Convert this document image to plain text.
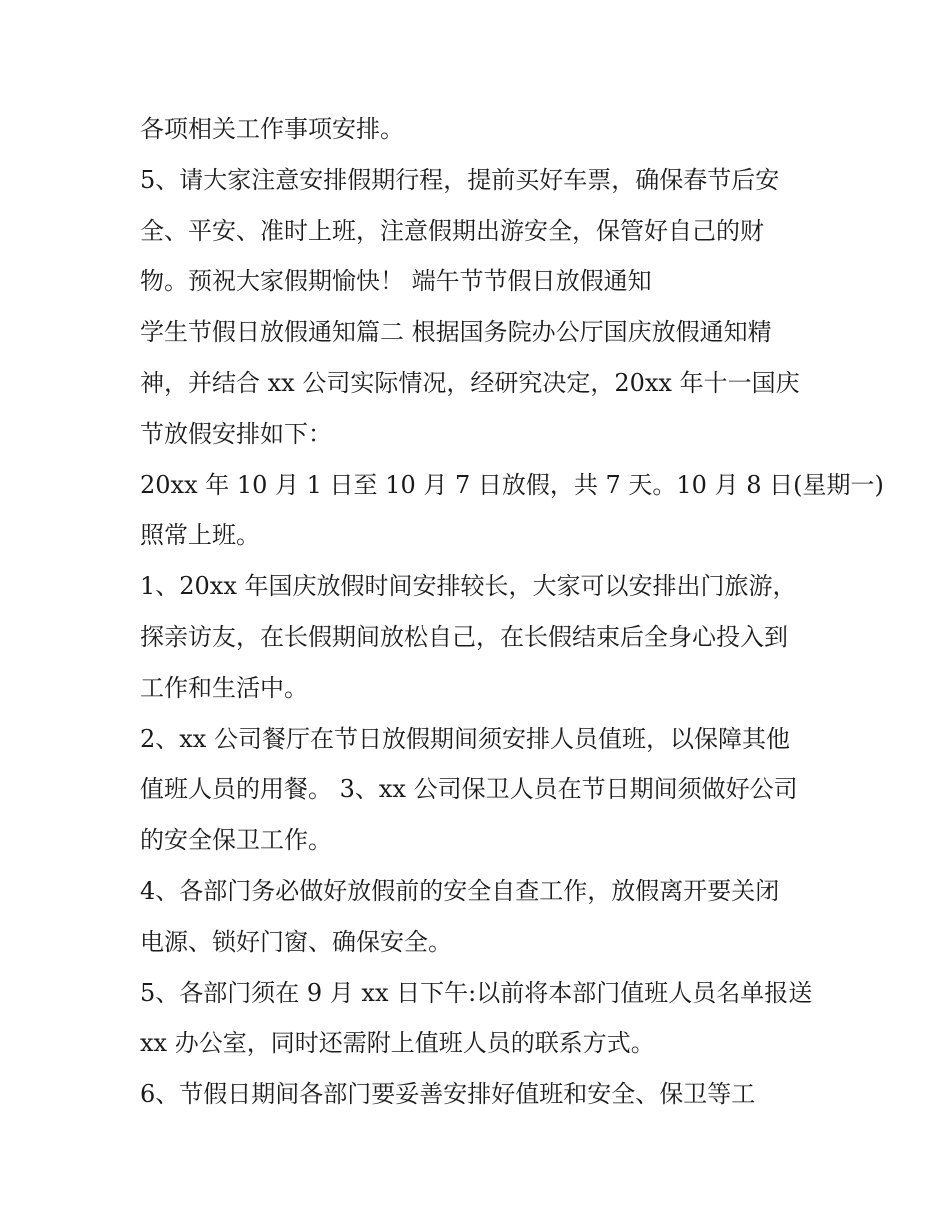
各项相关工作事项安排。
5、请大家注意安排假期行程，提前买好车票，确保春节后安
全、平安、准时上班，注意假期出游安全，保管好自己的财
物。预祝大家假期愉快！ 端午节节假日放假通知
学生节假日放假通知篇二 根据国务院办公厅国庆放假通知精
神，并结合 xx 公司实际情况，经研究决定，20xx 年十一国庆
节放假安排如下：
20xx 年 10 月 1 日至 10 月 7 日放假，共 7 天。10 月 8 日(星期一)
照常上班。
1、20xx 年国庆放假时间安排较长，大家可以安排出门旅游，
探亲访友，在长假期间放松自己，在长假结束后全身心投入到
工作和生活中。
2、xx 公司餐厅在节日放假期间须安排人员值班，以保障其他
值班人员的用餐。 3、xx 公司保卫人员在节日期间须做好公司
的安全保卫工作。
4、各部门务必做好放假前的安全自查工作，放假离开要关闭
电源、锁好门窗、确保安全。
5、各部门须在 9 月 xx 日下午:以前将本部门值班人员名单报送
xx 办公室，同时还需附上值班人员的联系方式。
6、节假日期间各部门要妥善安排好值班和安全、保卫等工
